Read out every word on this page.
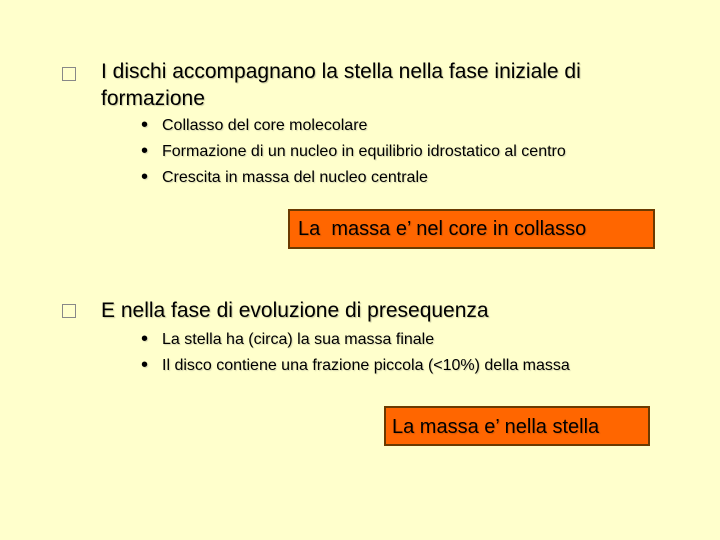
I dischi accompagnano la stella nella fase iniziale di formazione
• Collasso del core molecolare
• Formazione di un nucleo in equilibrio idrostatico al centro
• Crescita in massa del nucleo centrale
La  massa e’ nel core in collasso
E nella fase di evoluzione di presequenza
• La stella ha (circa) la sua massa finale
• Il disco contiene una frazione piccola (<10%) della massa
La massa e’ nella stella
